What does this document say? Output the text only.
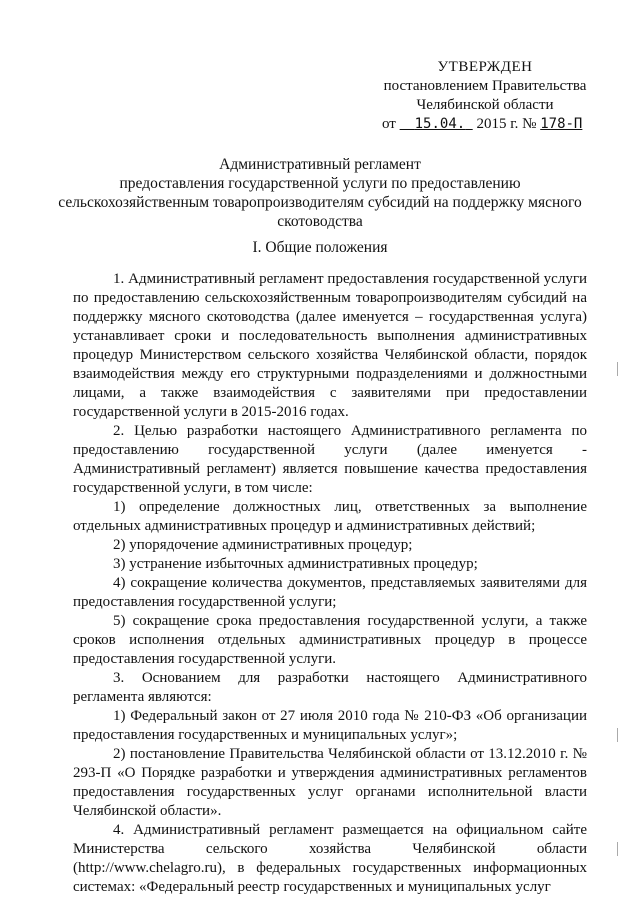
УТВЕРЖДЕН
постановлением Правительства
Челябинской области
от 15.04. 2015 г. № 178-П
Административный регламент
предоставления государственной услуги по предоставлению
сельскохозяйственным товаропроизводителям субсидий на поддержку мясного
скотоводства
I. Общие положения

1. Административный регламент предоставления государственной услуги по предоставлению сельскохозяйственным товаропроизводителям субсидий на поддержку мясного скотоводства (далее именуется – государственная услуга) устанавливает сроки и последовательность выполнения административных процедур Министерством сельского хозяйства Челябинской области, порядок взаимодействия между его структурными подразделениями и должностными лицами, а также взаимодействия с заявителями при предоставлении государственной услуги в 2015-2016 годах.

2. Целью разработки настоящего Административного регламента по предоставлению государственной услуги (далее именуется - Административный регламент) является повышение качества предоставления государственной услуги, в том числе:

1) определение должностных лиц, ответственных за выполнение отдельных административных процедур и административных действий;

2) упорядочение административных процедур;

3) устранение избыточных административных процедур;

4) сокращение количества документов, представляемых заявителями для предоставления государственной услуги;

5) сокращение срока предоставления государственной услуги, а также сроков исполнения отдельных административных процедур в процессе предоставления государственной услуги.

3. Основанием для разработки настоящего Административного регламента являются:

1) Федеральный закон от 27 июля 2010 года № 210-ФЗ «Об организации предоставления государственных и муниципальных услуг»;

2) постановление Правительства Челябинской области от 13.12.2010 г. № 293-П «О Порядке разработки и утверждения административных регламентов предоставления государственных услуг органами исполнительной власти Челябинской области».

4. Административный регламент размещается на официальном сайте Министерства сельского хозяйства Челябинской области (http://www.chelagro.ru), в федеральных государственных информационных системах: «Федеральный реестр государственных и муниципальных услуг
